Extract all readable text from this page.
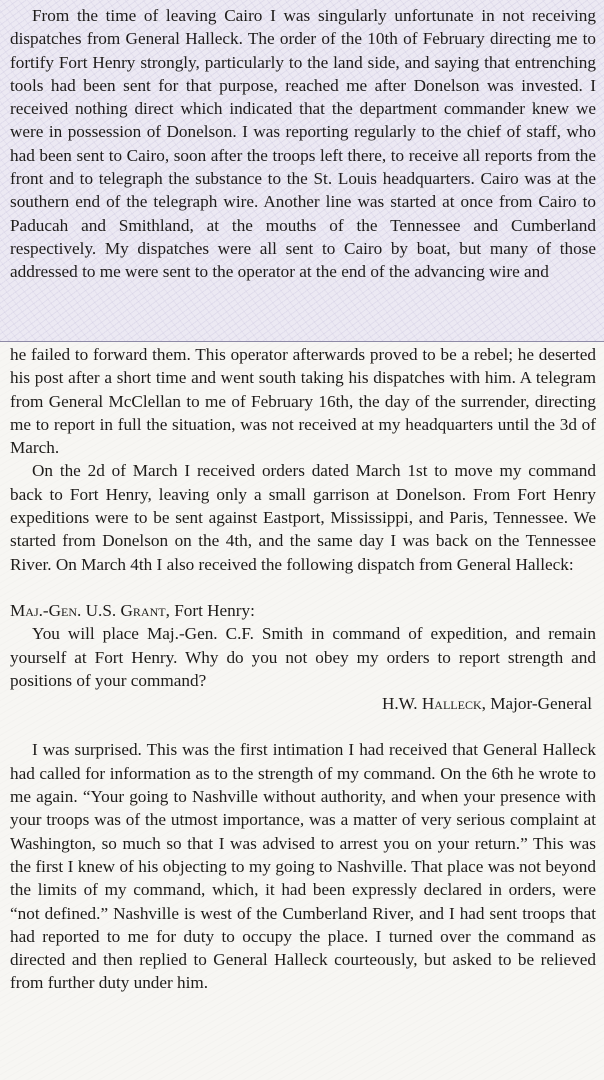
From the time of leaving Cairo I was singularly unfortunate in not receiving dispatches from General Halleck. The order of the 10th of February directing me to fortify Fort Henry strongly, particularly to the land side, and saying that entrenching tools had been sent for that purpose, reached me after Donelson was invested. I received nothing direct which indicated that the department commander knew we were in possession of Donelson. I was reporting regularly to the chief of staff, who had been sent to Cairo, soon after the troops left there, to receive all reports from the front and to telegraph the substance to the St. Louis headquarters. Cairo was at the southern end of the telegraph wire. Another line was started at once from Cairo to Paducah and Smithland, at the mouths of the Tennessee and Cumberland respectively. My dispatches were all sent to Cairo by boat, but many of those addressed to me were sent to the operator at the end of the advancing wire and

he failed to forward them. This operator afterwards proved to be a rebel; he deserted his post after a short time and went south taking his dispatches with him. A telegram from General McClellan to me of February 16th, the day of the surrender, directing me to report in full the situation, was not received at my headquarters until the 3d of March.

On the 2d of March I received orders dated March 1st to move my command back to Fort Henry, leaving only a small garrison at Donelson. From Fort Henry expeditions were to be sent against Eastport, Mississippi, and Paris, Tennessee. We started from Donelson on the 4th, and the same day I was back on the Tennessee River. On March 4th I also received the following dispatch from General Halleck:

Maj.-Gen. U.S. Grant, Fort Henry:

You will place Maj.-Gen. C.F. Smith in command of expedition, and remain yourself at Fort Henry. Why do you not obey my orders to report strength and positions of your command?

H.W. Halleck, Major-General

I was surprised. This was the first intimation I had received that General Halleck had called for information as to the strength of my command. On the 6th he wrote to me again. “Your going to Nashville without authority, and when your presence with your troops was of the utmost importance, was a matter of very serious complaint at Washington, so much so that I was advised to arrest you on your return.” This was the first I knew of his objecting to my going to Nashville. That place was not beyond the limits of my command, which, it had been expressly declared in orders, were “not defined.” Nashville is west of the Cumberland River, and I had sent troops that had reported to me for duty to occupy the place. I turned over the command as directed and then replied to General Halleck courteously, but asked to be relieved from further duty under him.
